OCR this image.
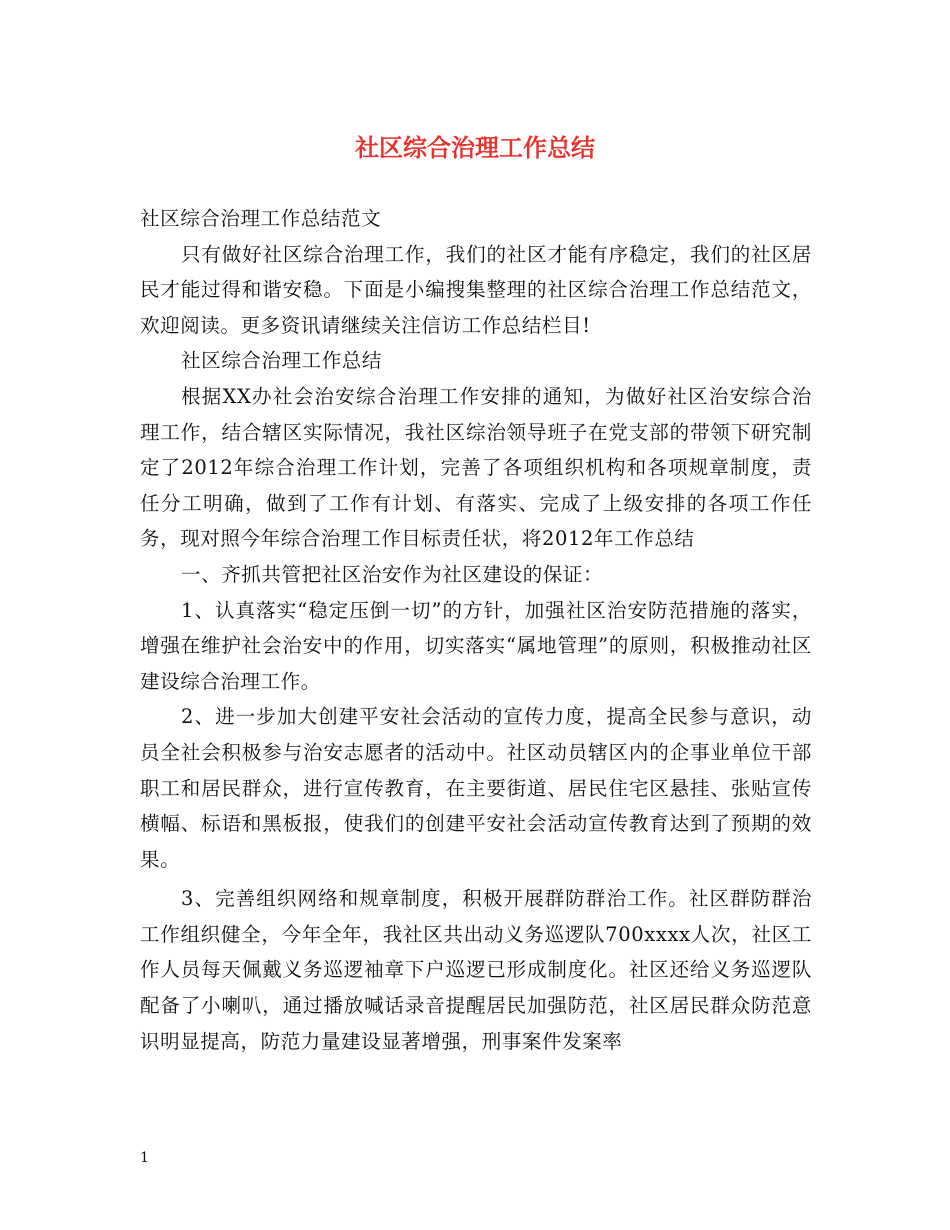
社区综合治理工作总结

社区综合治理工作总结范文

只有做好社区综合治理工作，我们的社区才能有序稳定，我们的社区居民才能过得和谐安稳。下面是小编搜集整理的社区综合治理工作总结范文，欢迎阅读。更多资讯请继续关注信访工作总结栏目!

社区综合治理工作总结

根据XX办社会治安综合治理工作安排的通知，为做好社区治安综合治理工作，结合辖区实际情况，我社区综治领导班子在党支部的带领下研究制定了2012年综合治理工作计划，完善了各项组织机构和各项规章制度，责任分工明确，做到了工作有计划、有落实、完成了上级安排的各项工作任务，现对照今年综合治理工作目标责任状，将2012年工作总结

一、齐抓共管把社区治安作为社区建设的保证：

1、认真落实“稳定压倒一切”的方针，加强社区治安防范措施的落实，增强在维护社会治安中的作用，切实落实“属地管理”的原则，积极推动社区建设综合治理工作。

2、进一步加大创建平安社会活动的宣传力度，提高全民参与意识，动员全社会积极参与治安志愿者的活动中。社区动员辖区内的企事业单位干部职工和居民群众，进行宣传教育，在主要街道、居民住宅区悬挂、张贴宣传横幅、标语和黑板报，使我们的创建平安社会活动宣传教育达到了预期的效果。

3、完善组织网络和规章制度，积极开展群防群治工作。社区群防群治工作组织健全，今年全年，我社区共出动义务巡逻队700xxxx人次，社区工作人员每天佩戴义务巡逻袖章下户巡逻已形成制度化。社区还给义务巡逻队配备了小喇叭，通过播放喊话录音提醒居民加强防范，社区居民群众防范意识明显提高，防范力量建设显著增强，刑事案件发案率

1
